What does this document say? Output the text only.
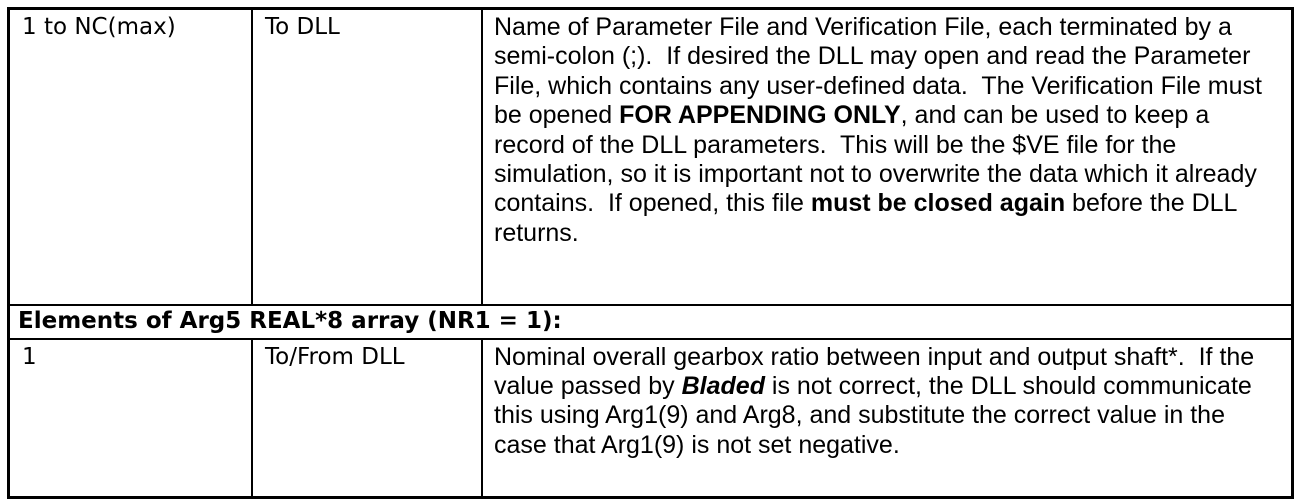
1 to NC(max)	To DLL	Name of Parameter File and Verification File, each terminated by a semi-colon (;).  If desired the DLL may open and read the Parameter File, which contains any user-defined data.  The Verification File must be opened FOR APPENDING ONLY, and can be used to keep a record of the DLL parameters.  This will be the $VE file for the simulation, so it is important not to overwrite the data which it already contains.  If opened, this file must be closed again before the DLL returns.
Elements of Arg5 REAL*8 array (NR1 = 1):		
1	To/From DLL	Nominal overall gearbox ratio between input and output shaft*.  If the value passed by Bladed is not correct, the DLL should communicate this using Arg1(9) and Arg8, and substitute the correct value in the case that Arg1(9) is not set negative.
